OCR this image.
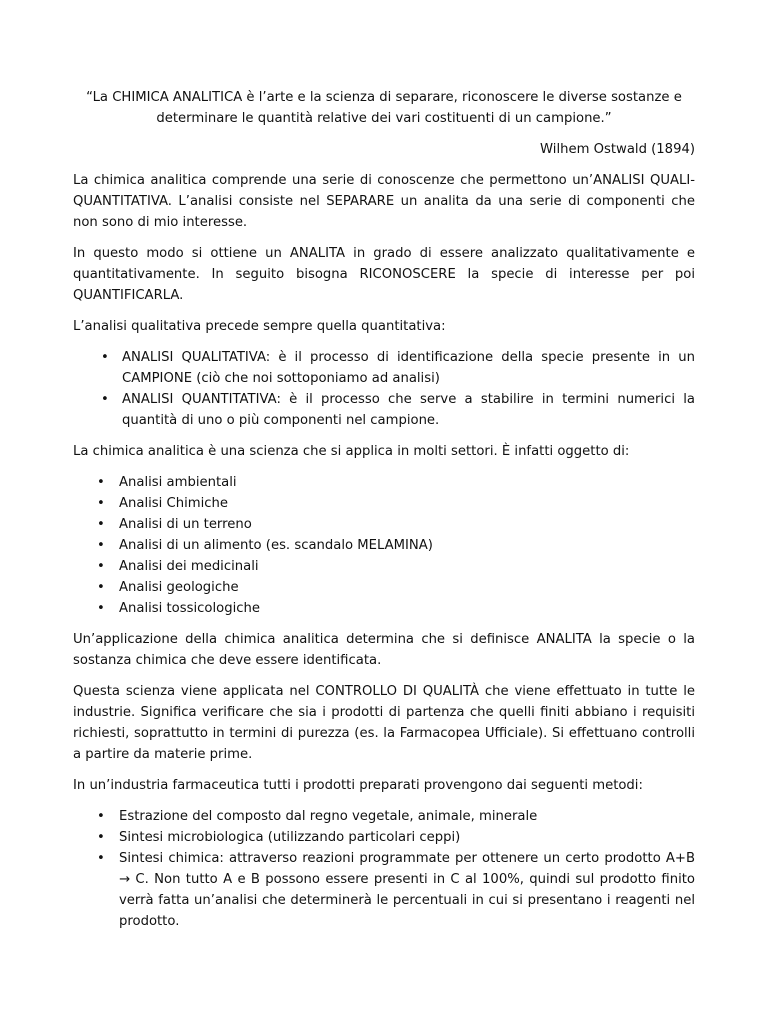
“La CHIMICA ANALITICA è l’arte e la scienza di separare, riconoscere le diverse sostanze e determinare le quantità relative dei vari costituenti di un campione.”

Wilhem Ostwald (1894)

La chimica analitica comprende una serie di conoscenze che permettono un’ANALISI QUALI-QUANTITATIVA. L’analisi consiste nel SEPARARE un analita da una serie di componenti che non sono di mio interesse.

In questo modo si ottiene un ANALITA in grado di essere analizzato qualitativamente e quantitativamente. In seguito bisogna RICONOSCERE la specie di interesse per poi QUANTIFICARLA.

L’analisi qualitativa precede sempre quella quantitativa:

• ANALISI QUALITATIVA: è il processo di identificazione della specie presente in un CAMPIONE (ciò che noi sottoponiamo ad analisi)
• ANALISI QUANTITATIVA: è il processo che serve a stabilire in termini numerici la quantità di uno o più componenti nel campione.

La chimica analitica è una scienza che si applica in molti settori. È infatti oggetto di:

• Analisi ambientali
• Analisi Chimiche
• Analisi di un terreno
• Analisi di un alimento (es. scandalo MELAMINA)
• Analisi dei medicinali
• Analisi geologiche
• Analisi tossicologiche

Un’applicazione della chimica analitica determina che si definisce ANALITA la specie o la sostanza chimica che deve essere identificata.

Questa scienza viene applicata nel CONTROLLO DI QUALITÀ che viene effettuato in tutte le industrie. Significa verificare che sia i prodotti di partenza che quelli finiti abbiano i requisiti richiesti, soprattutto in termini di purezza (es. la Farmacopea Ufficiale). Si effettuano controlli a partire da materie prime.

In un’industria farmaceutica tutti i prodotti preparati provengono dai seguenti metodi:

• Estrazione del composto dal regno vegetale, animale, minerale
• Sintesi microbiologica (utilizzando particolari ceppi)
• Sintesi chimica: attraverso reazioni programmate per ottenere un certo prodotto A+B → C. Non tutto A e B possono essere presenti in C al 100%, quindi sul prodotto finito verrà fatta un’analisi che determinerà le percentuali in cui si presentano i reagenti nel prodotto.
